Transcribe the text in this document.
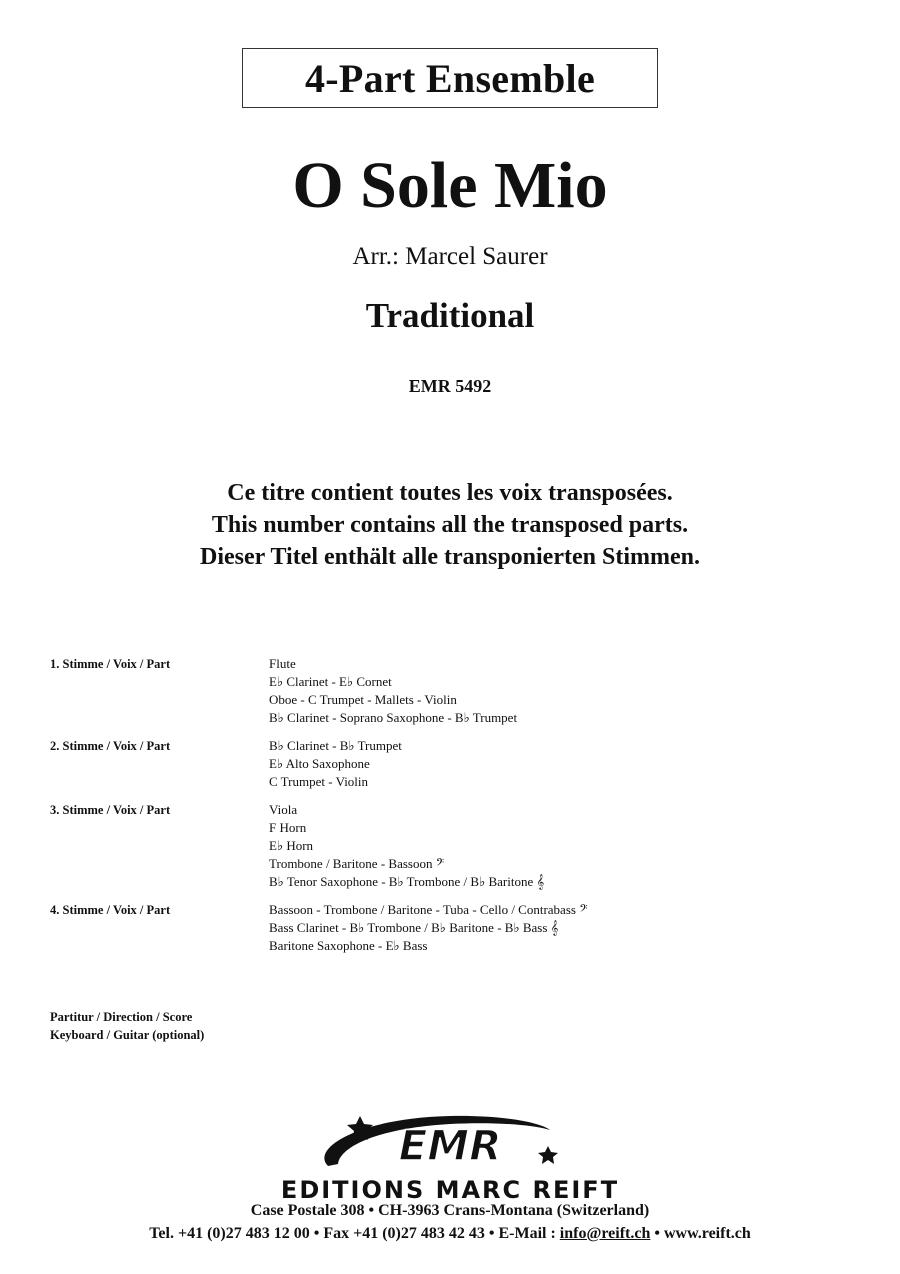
4-Part Ensemble
O Sole Mio
Arr.: Marcel Saurer
Traditional
EMR 5492
Ce titre contient toutes les voix transposées.
This number contains all the transposed parts.
Dieser Titel enthält alle transponierten Stimmen.
1. Stimme / Voix / Part	Flute
E♭ Clarinet - E♭ Cornet
Oboe - C Trumpet - Mallets - Violin
B♭ Clarinet - Soprano Saxophone - B♭ Trumpet
2. Stimme / Voix / Part	B♭ Clarinet - B♭ Trumpet
E♭ Alto Saxophone
C Trumpet - Violin
3. Stimme / Voix / Part	Viola
F Horn
E♭ Horn
Trombone / Baritone - Bassoon 𝄢
B♭ Tenor Saxophone - B♭ Trombone / B♭ Baritone 𝄞
4. Stimme / Voix / Part	Bassoon - Trombone / Baritone - Tuba - Cello / Contrabass 𝄢
Bass Clarinet - B♭ Trombone / B♭ Baritone - B♭ Bass 𝄞
Baritone Saxophone - E♭ Bass
Partitur / Direction / Score
Keyboard / Guitar (optional)
EMR
EDITIONS MARC REIFT
Case Postale 308 • CH-3963 Crans-Montana (Switzerland)
Tel. +41 (0)27 483 12 00 • Fax +41 (0)27 483 42 43 • E-Mail : info@reift.ch • www.reift.ch
